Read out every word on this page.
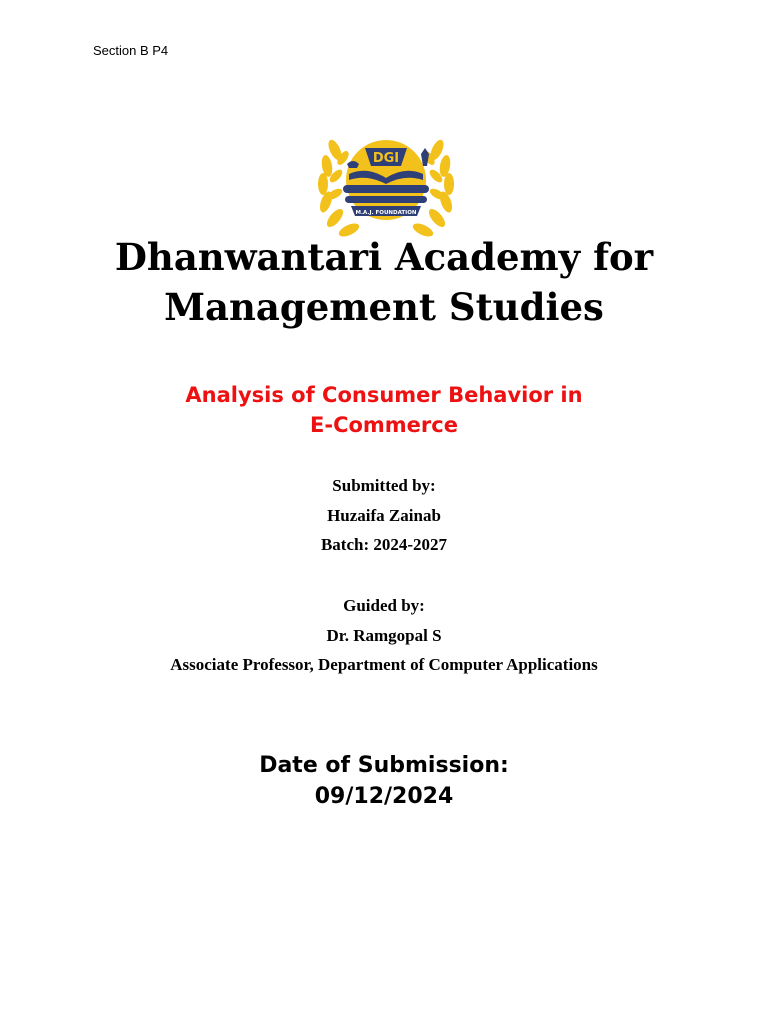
Section B P4
DGI
M.A.J. FOUNDATION
Dhanwantari Academy for
Management Studies
Analysis of Consumer Behavior in
E-Commerce
Submitted by:
Huzaifa Zainab
Batch: 2024-2027
Guided by:
Dr. Ramgopal S
Associate Professor, Department of Computer Applications
Date of Submission:
09/12/2024
